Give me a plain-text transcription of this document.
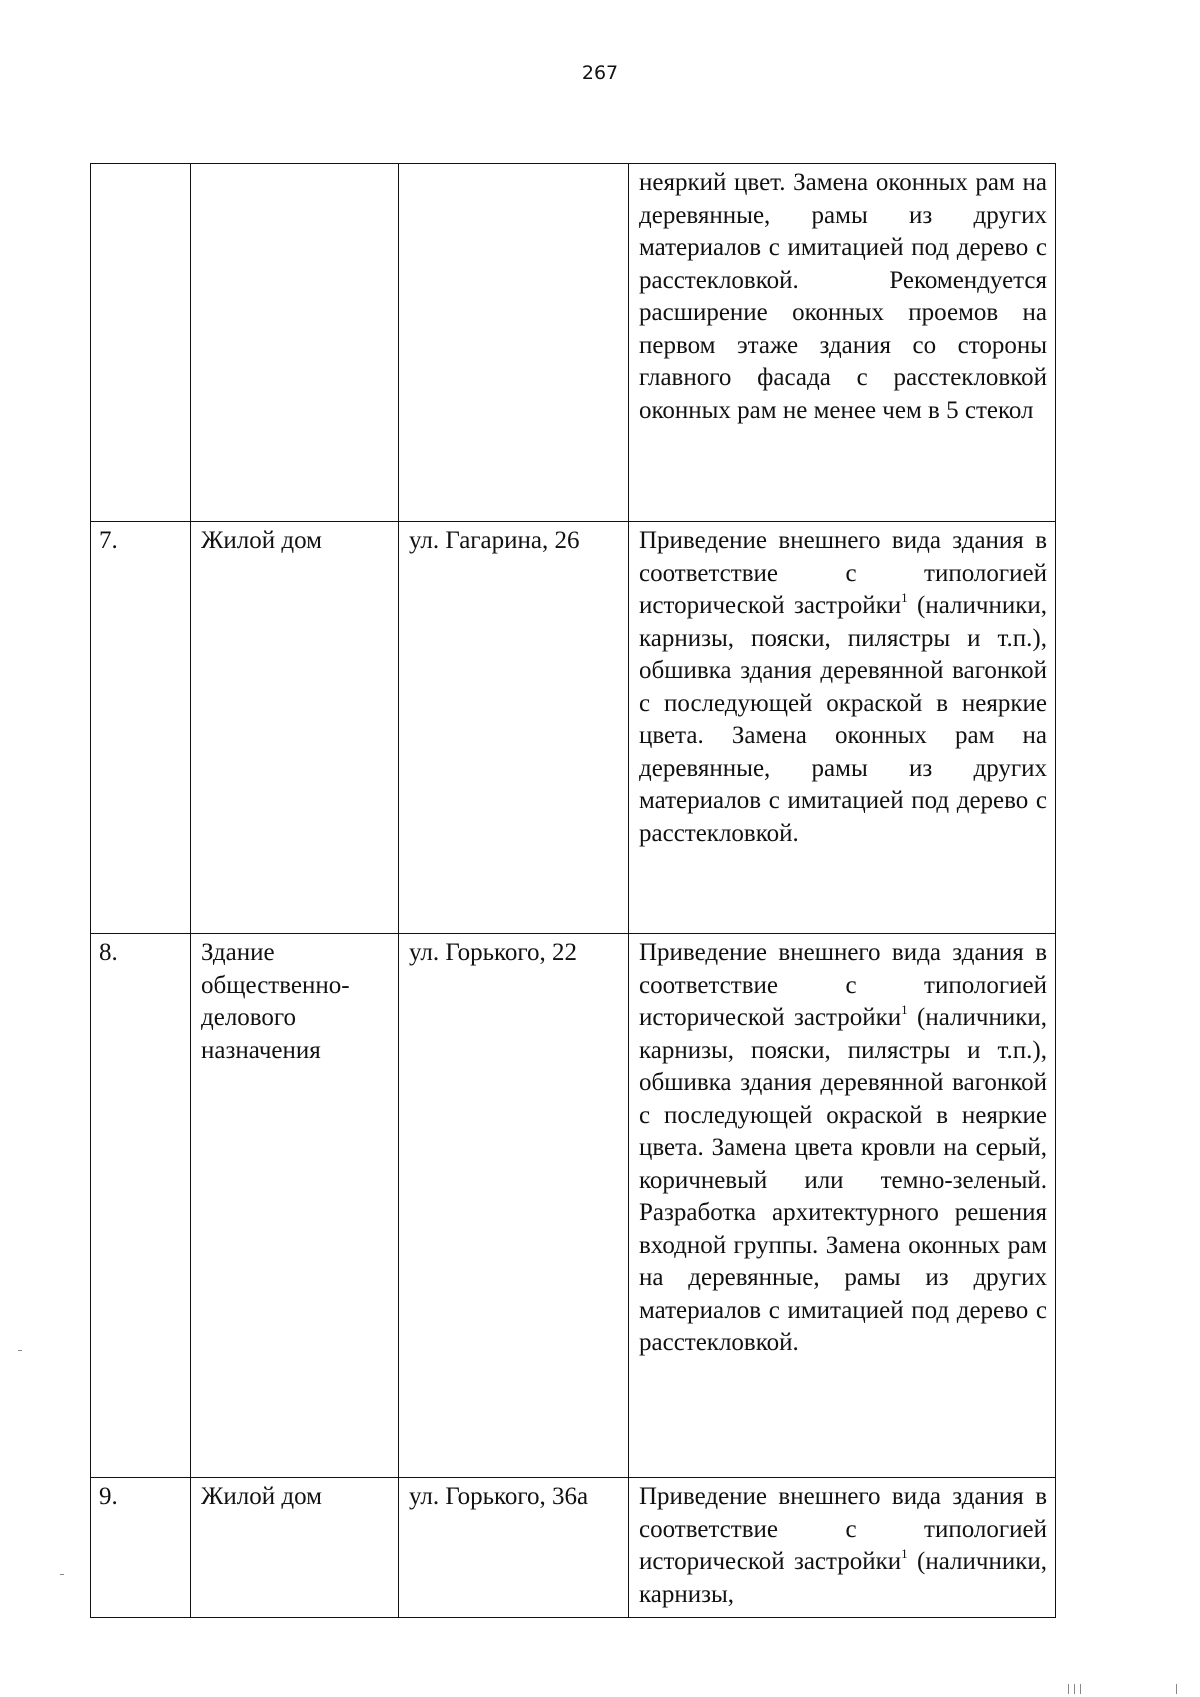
267
			неяркий цвет. Замена оконных рам на деревянные, рамы из других материалов с имитацией под дерево с расстекловкой. Рекомендуется расширение оконных проемов на первом этаже здания со стороны главного фасада с расстекловкой оконных рам не менее чем в 5 стекол
7.	Жилой дом	ул. Гагарина, 26	Приведение внешнего вида здания в соответствие с типологией исторической застройки$^1$ (наличники, карнизы, пояски, пилястры и т.п.), обшивка здания деревянной вагонкой с последующей окраской в неяркие цвета. Замена оконных рам на деревянные, рамы из других материалов с имитацией под дерево с расстекловкой.
8.	Здание общественно-делового назначения	ул. Горького, 22	Приведение внешнего вида здания в соответствие с типологией исторической застройки$^1$ (наличники, карнизы, пояски, пилястры и т.п.), обшивка здания деревянной вагонкой с последующей окраской в неяркие цвета. Замена цвета кровли на серый, коричневый или темно-зеленый. Разработка архитектурного решения входной группы. Замена оконных рам на деревянные, рамы из других материалов с имитацией под дерево с расстекловкой.
9.	Жилой дом	ул. Горького, 36а	Приведение внешнего вида здания в соответствие с типологией исторической застройки$^1$ (наличники, карнизы,
